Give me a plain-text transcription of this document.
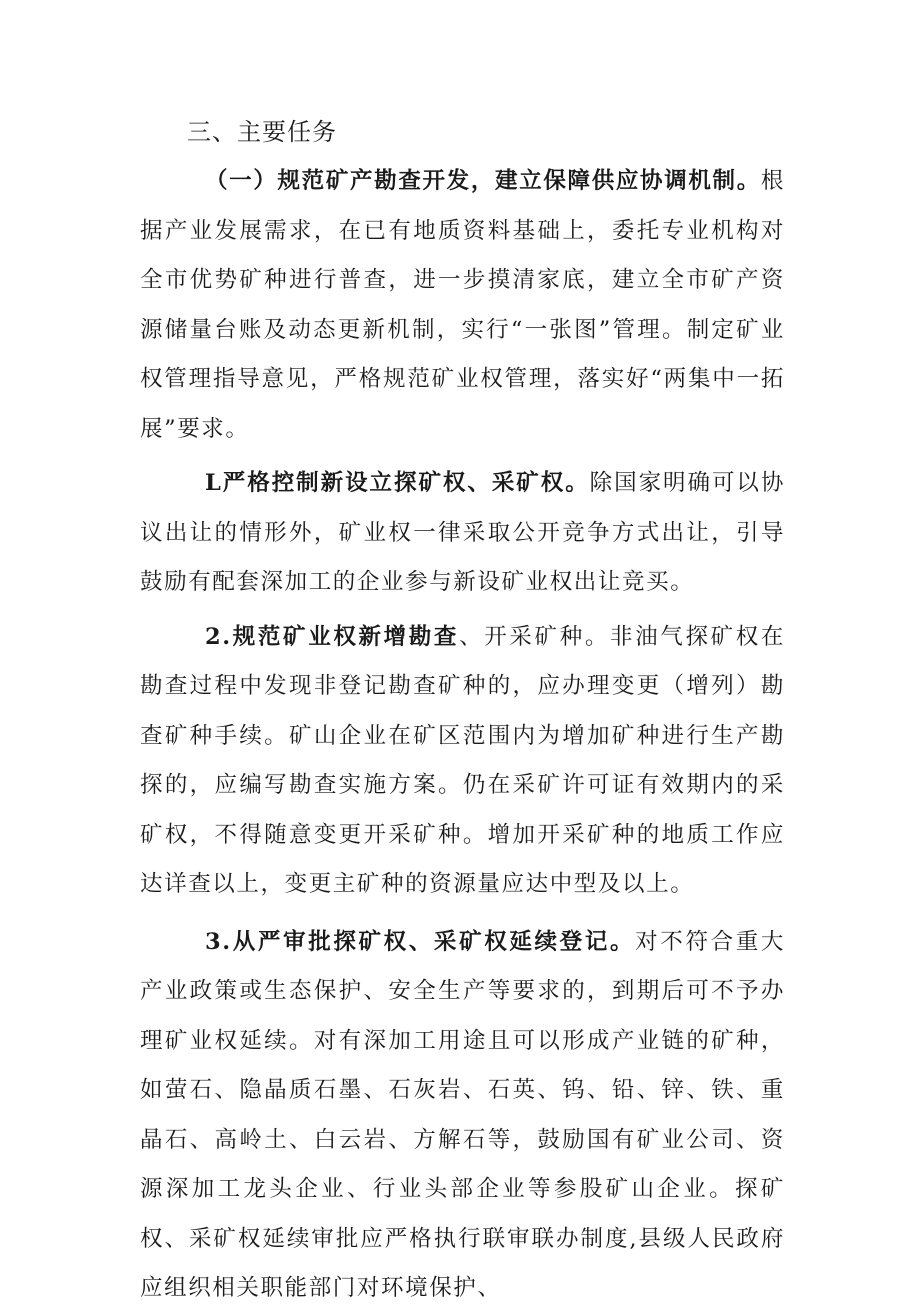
三、主要任务

（一）规范矿产勘查开发，建立保障供应协调机制。根据产业发展需求，在已有地质资料基础上，委托专业机构对全市优势矿种进行普查，进一步摸清家底，建立全市矿产资源储量台账及动态更新机制，实行“一张图”管理。制定矿业权管理指导意见，严格规范矿业权管理，落实好“两集中一拓展”要求。

L严格控制新设立探矿权、采矿权。除国家明确可以协议出让的情形外，矿业权一律采取公开竞争方式出让，引导鼓励有配套深加工的企业参与新设矿业权出让竞买。

2.规范矿业权新增勘查、开采矿种。非油气探矿权在勘查过程中发现非登记勘查矿种的，应办理变更（增列）勘查矿种手续。矿山企业在矿区范围内为增加矿种进行生产勘探的，应编写勘查实施方案。仍在采矿许可证有效期内的采矿权，不得随意变更开采矿种。增加开采矿种的地质工作应达详查以上，变更主矿种的资源量应达中型及以上。

3.从严审批探矿权、采矿权延续登记。对不符合重大产业政策或生态保护、安全生产等要求的，到期后可不予办理矿业权延续。对有深加工用途且可以形成产业链的矿种，如萤石、隐晶质石墨、石灰岩、石英、钨、铅、锌、铁、重晶石、高岭土、白云岩、方解石等，鼓励国有矿业公司、资源深加工龙头企业、行业头部企业等参股矿山企业。探矿权、采矿权延续审批应严格执行联审联办制度,县级人民政府应组织相关职能部门对环境保护、
